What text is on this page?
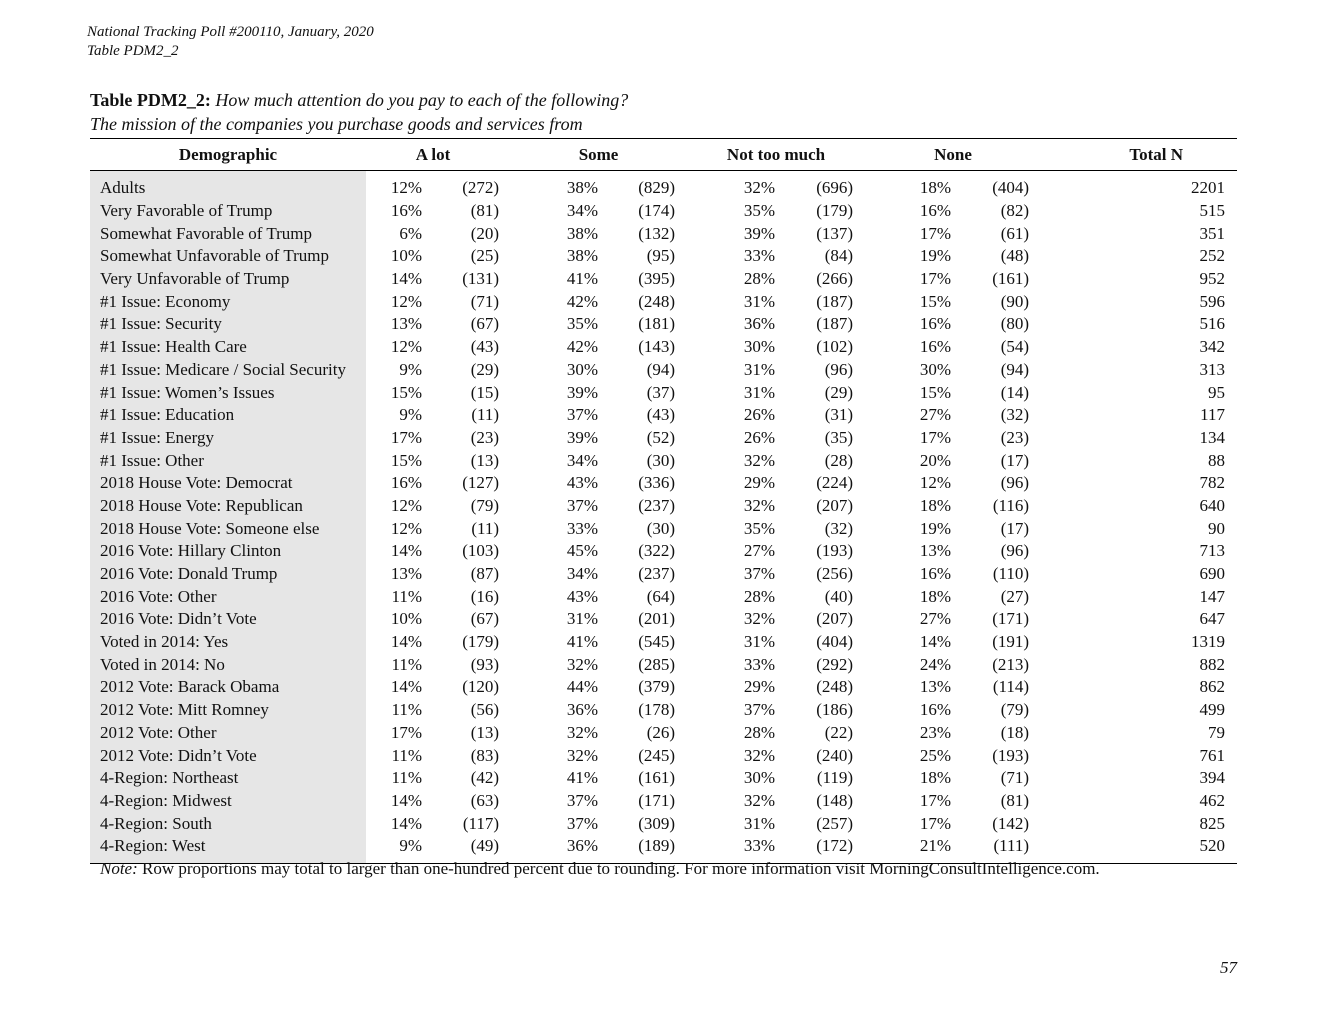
National Tracking Poll #200110, January, 2020
Table PDM2_2
Table PDM2_2: How much attention do you pay to each of the following?
The mission of the companies you purchase goods and services from
Demographic	A lot			Some			Not too much			None		Total N
Adults	12%	(272)		38%	(829)		32%	(696)		18%	(404)	2201
Very Favorable of Trump	16%	(81)		34%	(174)		35%	(179)		16%	(82)	515
Somewhat Favorable of Trump	6%	(20)		38%	(132)		39%	(137)		17%	(61)	351
Somewhat Unfavorable of Trump	10%	(25)		38%	(95)		33%	(84)		19%	(48)	252
Very Unfavorable of Trump	14%	(131)		41%	(395)		28%	(266)		17%	(161)	952
#1 Issue: Economy	12%	(71)		42%	(248)		31%	(187)		15%	(90)	596
#1 Issue: Security	13%	(67)		35%	(181)		36%	(187)		16%	(80)	516
#1 Issue: Health Care	12%	(43)		42%	(143)		30%	(102)		16%	(54)	342
#1 Issue: Medicare / Social Security	9%	(29)		30%	(94)		31%	(96)		30%	(94)	313
#1 Issue: Women’s Issues	15%	(15)		39%	(37)		31%	(29)		15%	(14)	95
#1 Issue: Education	9%	(11)		37%	(43)		26%	(31)		27%	(32)	117
#1 Issue: Energy	17%	(23)		39%	(52)		26%	(35)		17%	(23)	134
#1 Issue: Other	15%	(13)		34%	(30)		32%	(28)		20%	(17)	88
2018 House Vote: Democrat	16%	(127)		43%	(336)		29%	(224)		12%	(96)	782
2018 House Vote: Republican	12%	(79)		37%	(237)		32%	(207)		18%	(116)	640
2018 House Vote: Someone else	12%	(11)		33%	(30)		35%	(32)		19%	(17)	90
2016 Vote: Hillary Clinton	14%	(103)		45%	(322)		27%	(193)		13%	(96)	713
2016 Vote: Donald Trump	13%	(87)		34%	(237)		37%	(256)		16%	(110)	690
2016 Vote: Other	11%	(16)		43%	(64)		28%	(40)		18%	(27)	147
2016 Vote: Didn’t Vote	10%	(67)		31%	(201)		32%	(207)		27%	(171)	647
Voted in 2014: Yes	14%	(179)		41%	(545)		31%	(404)		14%	(191)	1319
Voted in 2014: No	11%	(93)		32%	(285)		33%	(292)		24%	(213)	882
2012 Vote: Barack Obama	14%	(120)		44%	(379)		29%	(248)		13%	(114)	862
2012 Vote: Mitt Romney	11%	(56)		36%	(178)		37%	(186)		16%	(79)	499
2012 Vote: Other	17%	(13)		32%	(26)		28%	(22)		23%	(18)	79
2012 Vote: Didn’t Vote	11%	(83)		32%	(245)		32%	(240)		25%	(193)	761
4-Region: Northeast	11%	(42)		41%	(161)		30%	(119)		18%	(71)	394
4-Region: Midwest	14%	(63)		37%	(171)		32%	(148)		17%	(81)	462
4-Region: South	14%	(117)		37%	(309)		31%	(257)		17%	(142)	825
4-Region: West	9%	(49)		36%	(189)		33%	(172)		21%	(111)	520
Note: Row proportions may total to larger than one-hundred percent due to rounding. For more information visit MorningConsultIntelligence.com.
57
